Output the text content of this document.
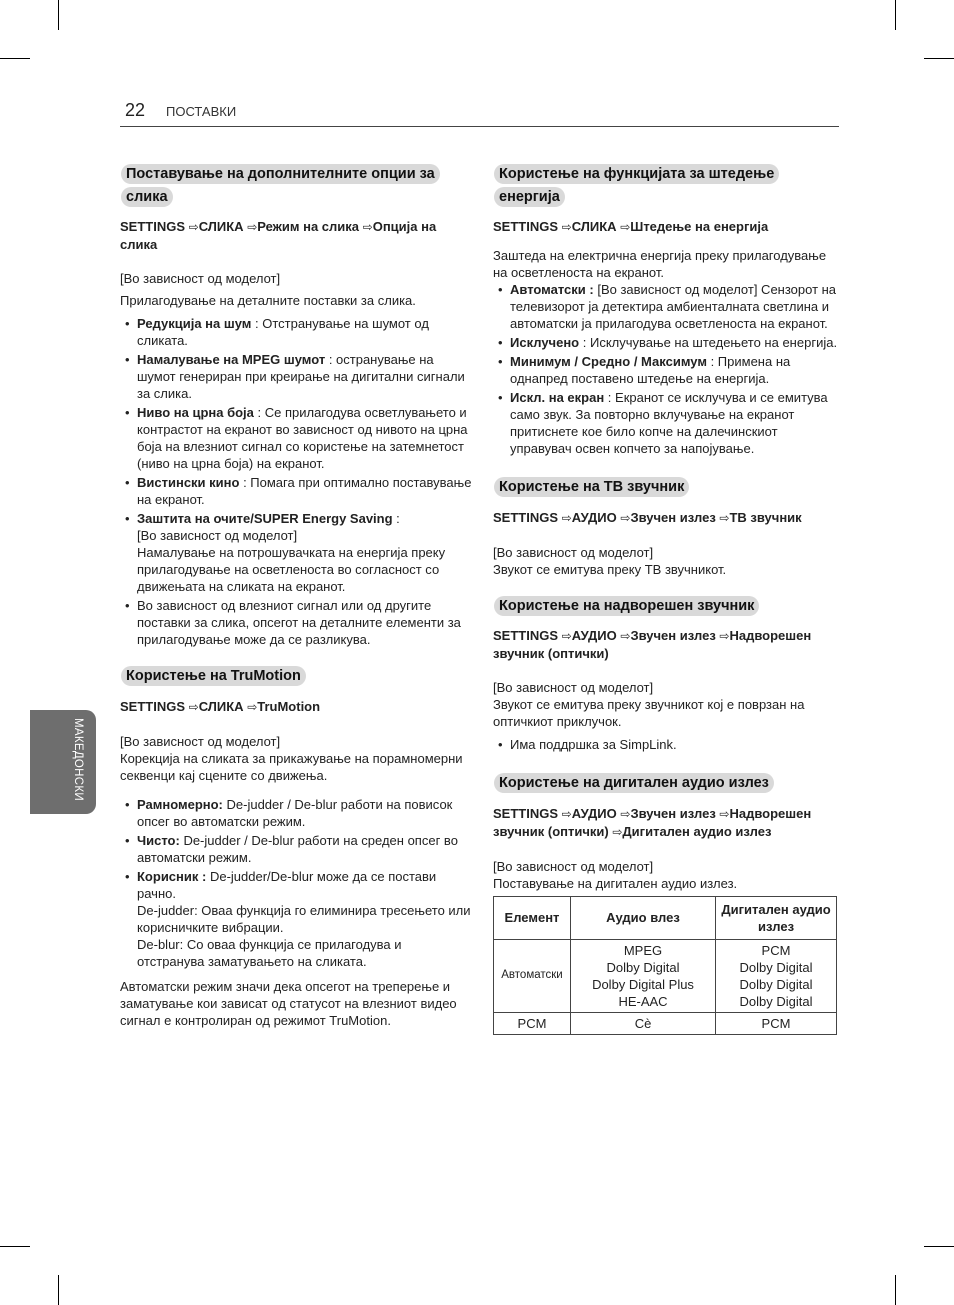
22 ПОСТАВКИ
МАКЕДОНСКИ
Поставување на дополнителните опции за слика
SETTINGS ⇨СЛИКА ⇨Режим на слика ⇨Опција на слика

[Во зависност од моделот]

Прилагодување на деталните поставки за слика.

• Редукција на шум : Отстранување на шумот од сликата.
• Намалување на MPEG шумот : остранување на шумот генериран при креирање на дигитални сигнали за слика.
• Ниво на црна боја : Се прилагодува осветлувањето и контрастот на екранот во зависност од нивото на црна боја на влезниот сигнал со користење на затемнетост (ниво на црна боја) на екранот.
• Вистински кино : Помага при оптимално поставување на екранот.
• Заштита на очите/SUPER Energy Saving :
[Во зависност од моделот]
Намалување на потрошувачката на енергија преку прилагодување на осветленоста во согласност со движењата на сликата на екранот.
• Во зависност од влезниот сигнал или од другите поставки за слика, опсегот на деталните елементи за прилагодување може да се разликува.
Користење на TruMotion
SETTINGS ⇨СЛИКА ⇨TruMotion

[Во зависност од моделот]

Корекција на сликата за прикажување на порамномерни секвенци кај сцените со движења.

• Рамномерно: De-judder / De-blur работи на повисок опсег во автоматски режим.
• Чисто: De-judder / De-blur работи на среден опсег во автоматски режим.
• Корисник : De-judder/De-blur може да се постави рачно.
De-judder: Оваа функција го елиминира тресењето или корисничките вибрации.
De-blur: Со оваа функција се прилагодува и отстранува заматувањето на сликата.

Автоматски режим значи дека опсегот на треперење и заматување кои зависат од статусот на влезниот видео сигнал е контролиран од режимот TruMotion.

Користење на функцијата за штедење енергија
SETTINGS ⇨СЛИКА ⇨Штедење на енергија

Заштеда на електрична енергија преку прилагодување на осветленоста на екранот.

• Автоматски : [Во зависност од моделот] Сензорот на телевизорот ја детектира амбиенталната светлина и автоматски ја прилагодува осветленоста на екранот.
• Исклучено : Исклучување на штедењето на енергија.
• Минимум / Средно / Максимум : Примена на однапред поставено штедење на енергија.
• Искл. на екран : Екранот се исклучува и се емитува само звук. За повторно вклучување на екранот притиснете кое било копче на далечинскиот управувач освен копчето за напојување.
Користење на ТВ звучник
SETTINGS ⇨АУДИО ⇨Звучен излез ⇨ТВ звучник

[Во зависност од моделот]

Звукот се емитува преку ТВ звучникот.

Користење на надворешен звучник
SETTINGS ⇨АУДИО ⇨Звучен излез ⇨Надворешен звучник (оптички)

[Во зависност од моделот]

Звукот се емитува преку звучникот кој е поврзан на оптичкиот приклучок.

• Има поддршка за SimpLink.
Користење на дигитален аудио излез
SETTINGS ⇨АУДИО ⇨Звучен излез ⇨Надворешен звучник (оптички) ⇨Дигитален аудио излез

[Во зависност од моделот]

Поставување на дигитален аудио излез.

Елемент	Аудио влез	Дигитален аудио излез
Автоматски	MPEG
Dolby Digital
Dolby Digital Plus
HE-AAC	PCM
Dolby Digital
Dolby Digital
Dolby Digital
PCM	Сè	PCM
